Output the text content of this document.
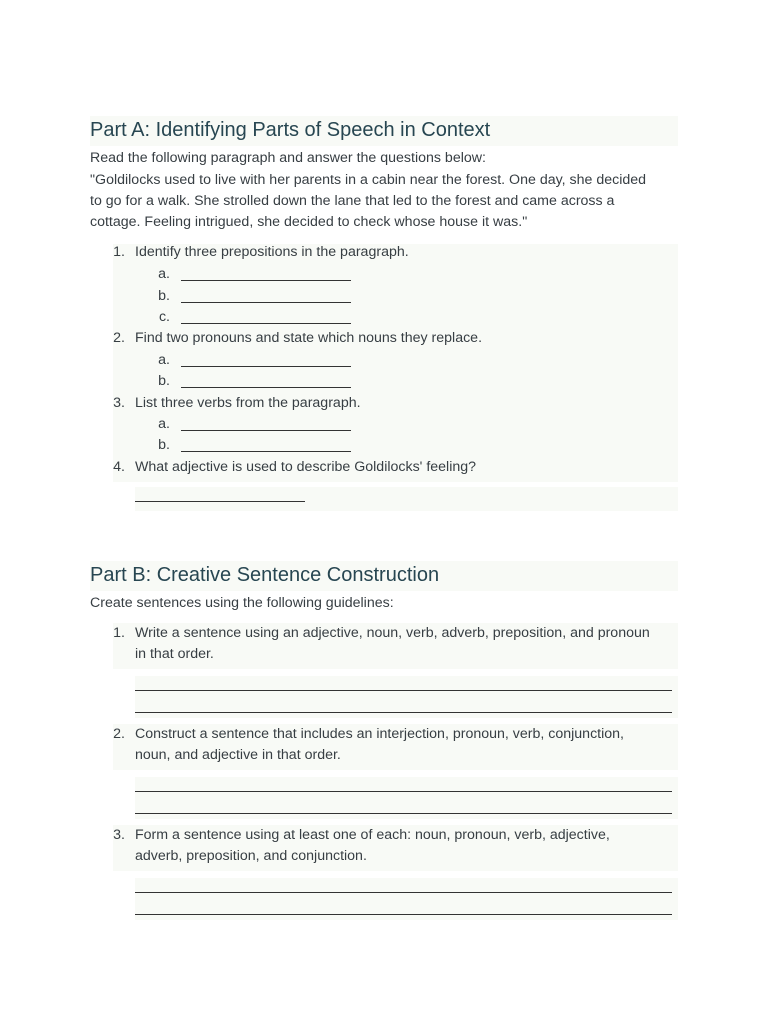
Part A: Identifying Parts of Speech in Context
Read the following paragraph and answer the questions below:
"Goldilocks used to live with her parents in a cabin near the forest. One day, she decided
to go for a walk. She strolled down the lane that led to the forest and came across a
cottage. Feeling intrigued, she decided to check whose house it was."
1. Identify three prepositions in the paragraph.
a.
b.
c.
2. Find two pronouns and state which nouns they replace.
a.
b.
3. List three verbs from the paragraph.
a.
b.
4. What adjective is used to describe Goldilocks' feeling?
Part B: Creative Sentence Construction
Create sentences using the following guidelines:
1. Write a sentence using an adjective, noun, verb, adverb, preposition, and pronoun
in that order.
2. Construct a sentence that includes an interjection, pronoun, verb, conjunction,
noun, and adjective in that order.
3. Form a sentence using at least one of each: noun, pronoun, verb, adjective,
adverb, preposition, and conjunction.
